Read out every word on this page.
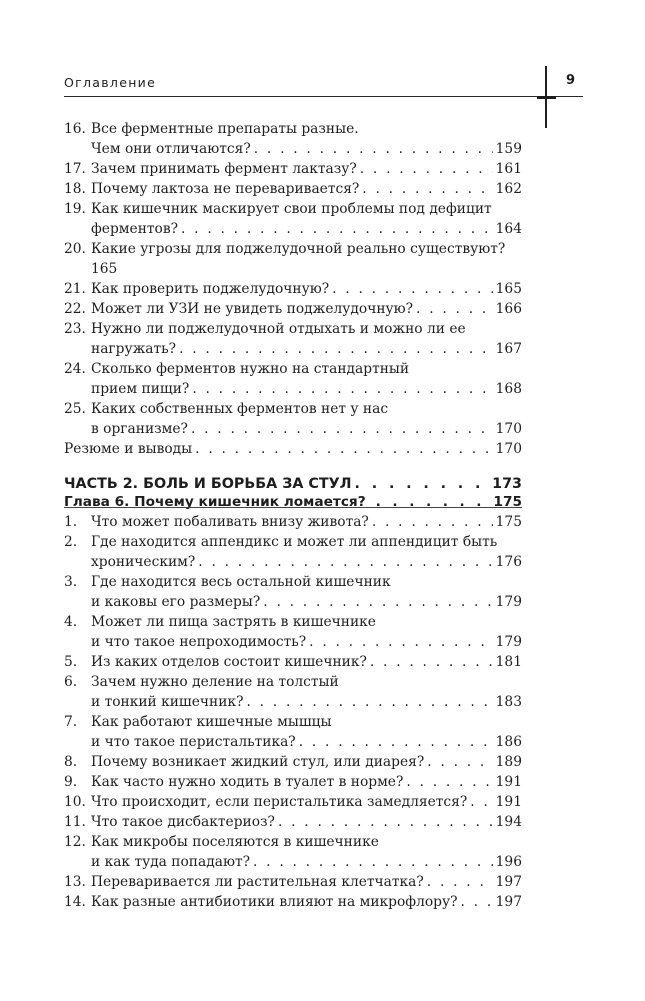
Оглавление	9
16. Все ферментные препараты разные.
Чем они отличаются? . . .	159
17. Зачем принимать фермент лактазу? . . .	161
18. Почему лактоза не переваривается? . . .	162
19. Как кишечник маскирует свои проблемы под дефицит
ферментов? . . .	164
20. Какие угрозы для поджелудочной реально существуют?
165
21. Как проверить поджелудочную? . . .	165
22. Может ли УЗИ не увидеть поджелудочную? . . .	166
23. Нужно ли поджелудочной отдыхать и можно ли ее
нагружать? . . .	167
24. Сколько ферментов нужно на стандартный
прием пищи? . . .	168
25. Каких собственных ферментов нет у нас
в организме? . . .	170
Резюме и выводы . . .	170
ЧАСТЬ 2. БОЛЬ И БОРЬБА ЗА СТУЛ . . .	173
Глава 6. Почему кишечник ломается? . . .	175
1. Что может побаливать внизу живота? . . .	175
2. Где находится аппендикс и может ли аппендицит быть
хроническим? . . .	176
3. Где находится весь остальной кишечник
и каковы его размеры? . . .	179
4. Может ли пища застрять в кишечнике
и что такое непроходимость? . . .	179
5. Из каких отделов состоит кишечник? . . .	181
6. Зачем нужно деление на толстый
и тонкий кишечник? . . .	183
7. Как работают кишечные мышцы
и что такое перистальтика? . . .	186
8. Почему возникает жидкий стул, или диарея? . . .	189
9. Как часто нужно ходить в туалет в норме? . . .	191
10. Что происходит, если перистальтика замедляется? . . . 191
11. Что такое дисбактериоз? . . .	194
12. Как микробы поселяются в кишечнике
и как туда попадают? . . .	196
13. Переваривается ли растительная клетчатка? . . .	197
14. Как разные антибиотики влияют на микрофлору? . . .	197
